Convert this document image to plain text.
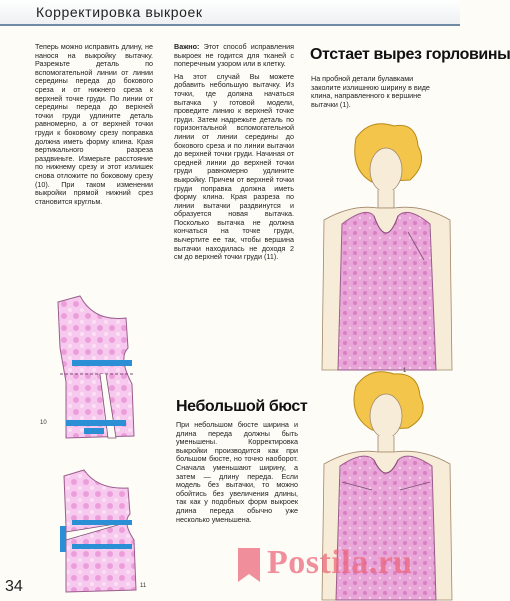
Корректировка выкроек

Теперь можно исправить длину, не нанося на выкройку вытачку. Разрежьте деталь по вспомогательной линии от линии середины переда до бокового среза и от нижнего среза к верхней точке груди. По линии от середины переда до верхней точки груди удлините деталь равномерно, а от верхней точки груди к боковому срезу поправка должна иметь форму клина. Края вертикального разреза раздвиньте. Измерьте расстояние по нижнему срезу и этот излишек снова отложите по боковому срезу (10). При таком изменении выкройки прямой нижний срез становится кругльм.

Важно: Этот способ исправления выкроек не годится для тканей с поперечным узором или в клетку.

На этот случай Вы можете добавить небольшую вытачку. Из точки, где должна начаться вытачка у готовой модели, проведите линию к верхней точке груди. Затем надрежьте деталь по горизонтальной вспомогательной линии от линии середины до бокового среза и по линии вытачки до верхней точки груди. Начиная от средней линии до верхней точки груди равномерно удлините выкройку. Причем от верхней точки груди поправка должна иметь форму клина. Края разреза по линии вытачки раздвинутся и образуется новая вытачка. Посколько вытачка не должна кончаться на точке груди, вычертите ее так, чтобы вершина вытачки находилась не доходя 2 см до верхней точки груди (11).

Отстает вырез горловины
На пробной детали булавками заколите излишнюю ширину в виде клина, направленного к вершине вытачки (1).
Небольшой бюст

При небольшом бюсте ширина и длина переда должны быть уменьшены. Корректировка выкройки производится как при большом бюсте, но точно наоборот. Сначала уменьшают ширину, а затем — длину переда. Если модель без вытачки, то можно обойтись без увеличения длины, так как у подобных форм выкроек длина переда обычно уже несколько уменьшена.

10
11
1
34
Postila.ru
